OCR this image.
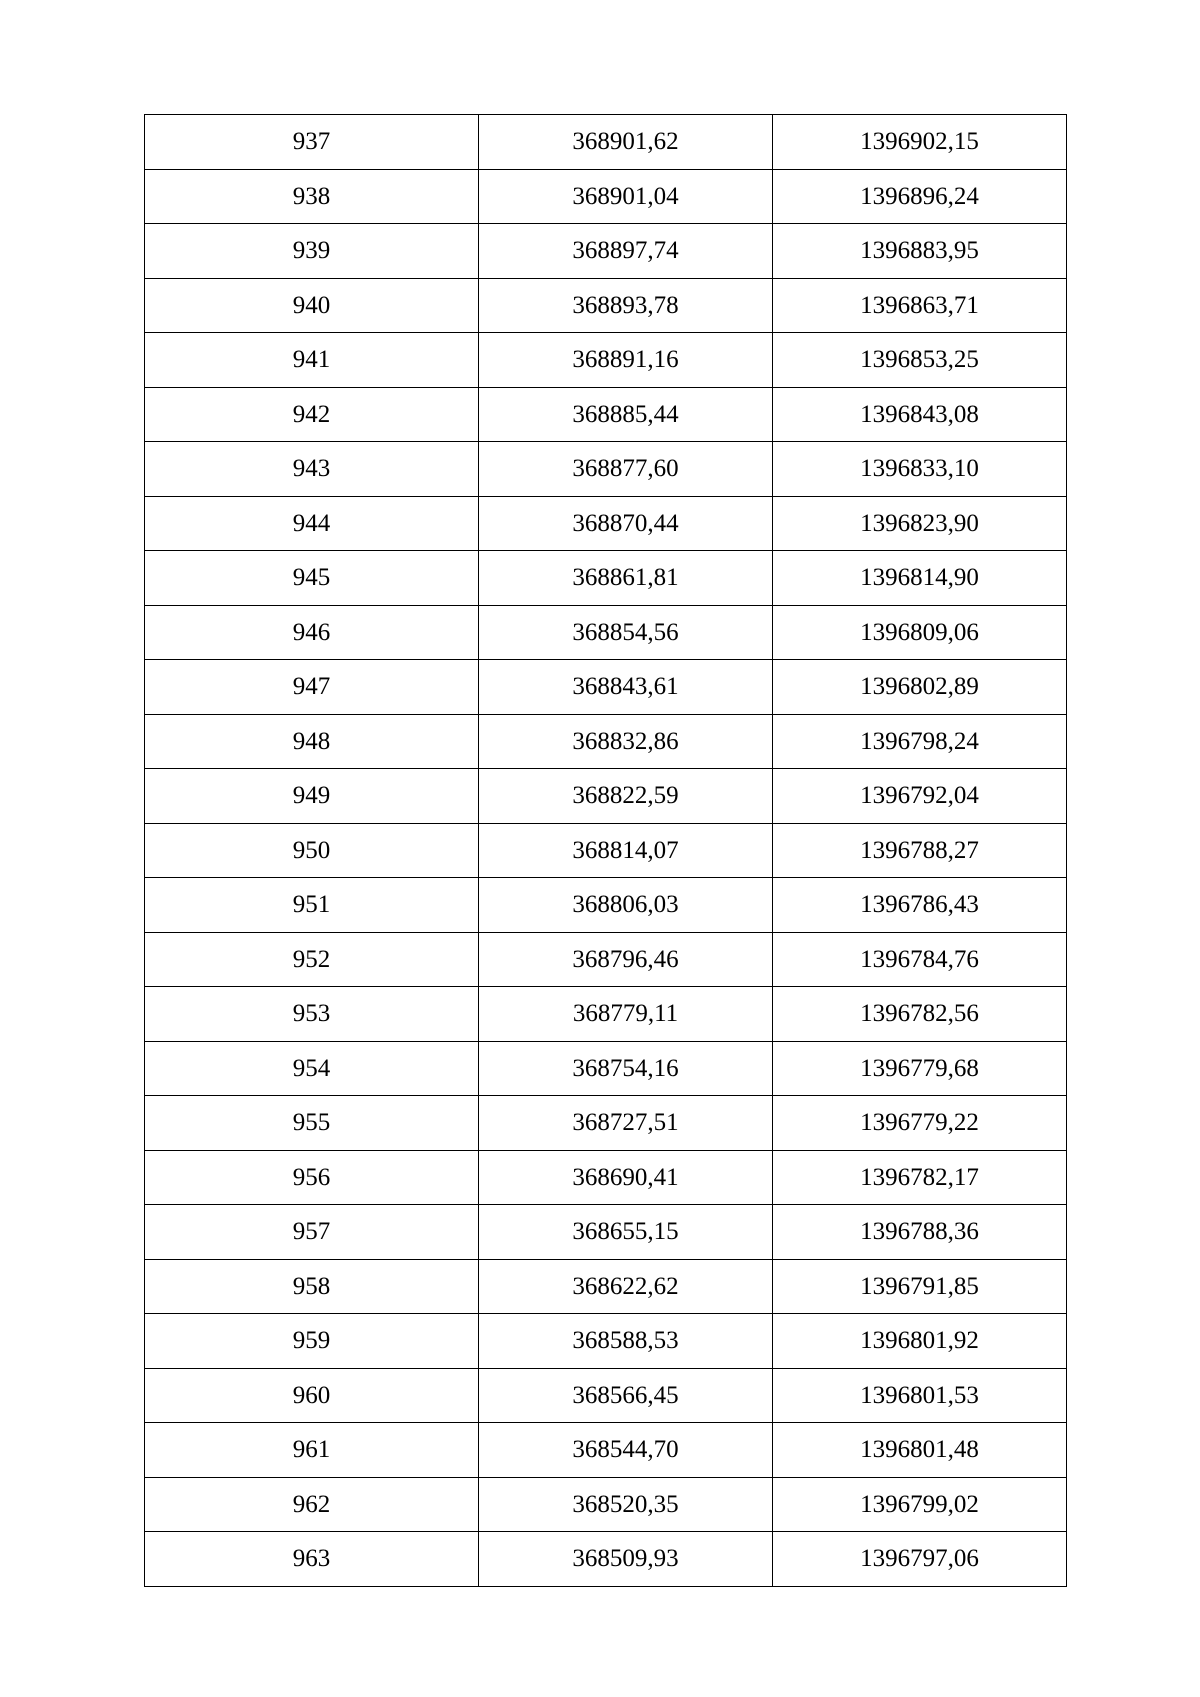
937	368901,62	1396902,15
938	368901,04	1396896,24
939	368897,74	1396883,95
940	368893,78	1396863,71
941	368891,16	1396853,25
942	368885,44	1396843,08
943	368877,60	1396833,10
944	368870,44	1396823,90
945	368861,81	1396814,90
946	368854,56	1396809,06
947	368843,61	1396802,89
948	368832,86	1396798,24
949	368822,59	1396792,04
950	368814,07	1396788,27
951	368806,03	1396786,43
952	368796,46	1396784,76
953	368779,11	1396782,56
954	368754,16	1396779,68
955	368727,51	1396779,22
956	368690,41	1396782,17
957	368655,15	1396788,36
958	368622,62	1396791,85
959	368588,53	1396801,92
960	368566,45	1396801,53
961	368544,70	1396801,48
962	368520,35	1396799,02
963	368509,93	1396797,06
